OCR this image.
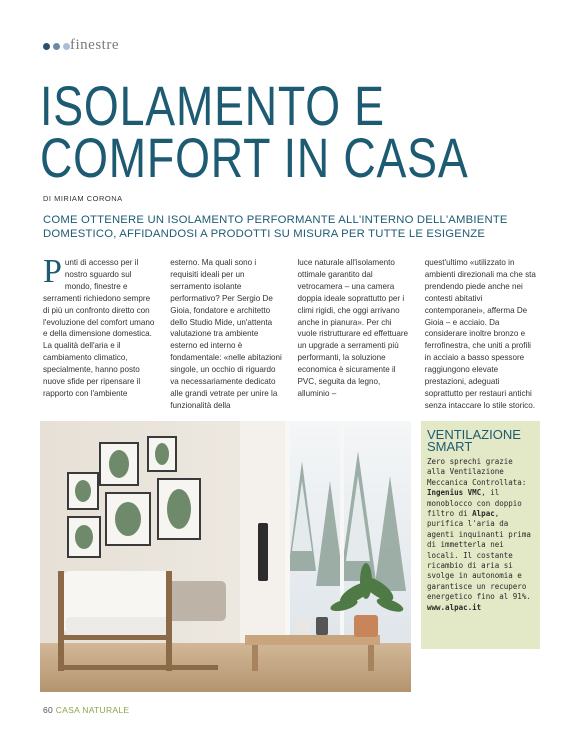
finestre
ISOLAMENTO E
COMFORT IN CASA
DI MIRIAM CORONA
COME OTTENERE UN ISOLAMENTO PERFORMANTE ALL'INTERNO DELL'AMBIENTE DOMESTICO, AFFIDANDOSI A PRODOTTI SU MISURA PER TUTTE LE ESIGENZE
Punti di accesso per il nostro sguardo sul mondo, finestre e serramenti richiedono sempre di più un confronto diretto con l'evoluzione del comfort umano e della dimensione domestica. La qualità dell'aria e il cambiamento climatico, specialmente, hanno posto nuove sfide per ripensare il rapporto con l'ambiente
esterno. Ma quali sono i requisiti ideali per un serramento isolante performativo? Per Sergio De Gioia, fondatore e architetto dello Studio Mide, un'attenta valutazione tra ambiente esterno ed interno è fondamentale: «nelle abitazioni singole, un occhio di riguardo va necessariamente dedicato alle grandi vetrate per unire la funzionalità della
luce naturale all'isolamento ottimale garantito dal vetrocamera – una camera doppia ideale soprattutto per i climi rigidi, che oggi arrivano anche in pianura». Per chi vuole ristrutturare ed effettuare un upgrade a serramenti più performanti, la soluzione economica è sicuramente il PVC, seguita da legno, alluminio –
quest'ultimo «utilizzato in ambienti direzionali ma che sta prendendo piede anche nei contesti abitativi contemporanei», afferma De Gioia – e acciaio. Da considerare inoltre bronzo e ferrofinestra, che uniti a profili in acciaio a basso spessore raggiungono elevate prestazioni, adeguati soprattutto per restauri antichi senza intaccare lo stile storico.
VENTILAZIONE
SMART
Zero sprechi grazie alla Ventilazione Meccanica Controllata: Ingenius VMC, il monoblocco con doppio filtro di Alpac, purifica l'aria da agenti inquinanti prima di immetterla nei locali. Il costante ricambio di aria si svolge in autonomia e garantisce un recupero energetico fino al 91%. www.alpac.it
60 CASA NATURALE
